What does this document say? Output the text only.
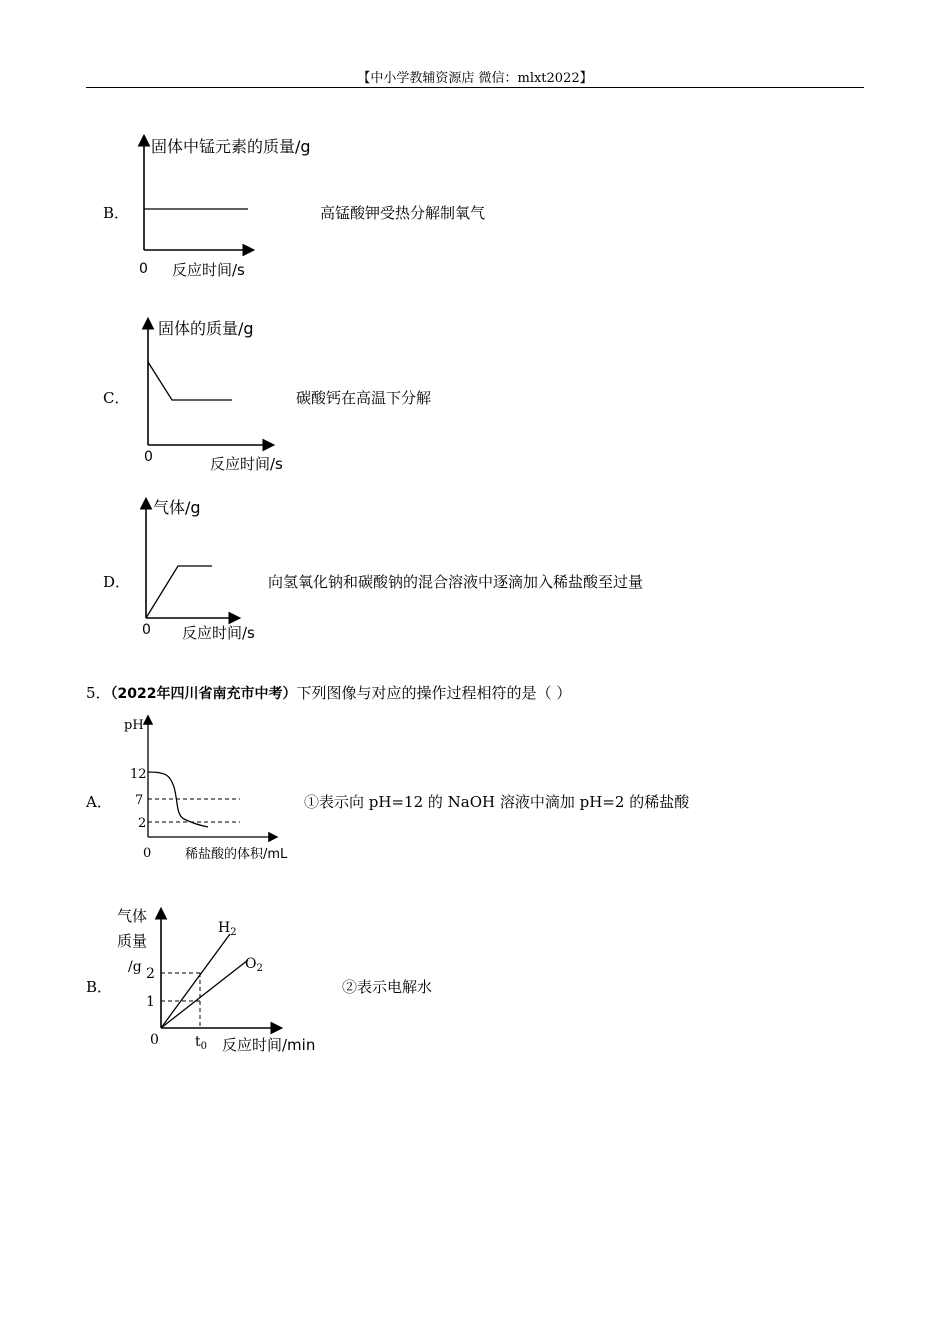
【中小学教辅资源店 微信：mlxt2022】
B．
固体中锰元素的质量/g
反应时间/s
0
高锰酸钾受热分解制氧气
C．
固体的质量/g
反应时间/s
0
碳酸钙在高温下分解
D．
气体/g
反应时间/s
0
向氢氧化钠和碳酸钠的混合溶液中逐滴加入稀盐酸至过量
5．（2022年四川省南充市中考）下列图像与对应的操作过程相符的是（ ）
A．
pH
12
7
2
0	稀盐酸的体积/mL
①表示向 pH=12 的 NaOH 溶液中滴加 pH=2 的稀盐酸
B．
气体
质量
/g 2
1
0	$t_0$
$H_2$
$O_2$
反应时间/min
②表示电解水
